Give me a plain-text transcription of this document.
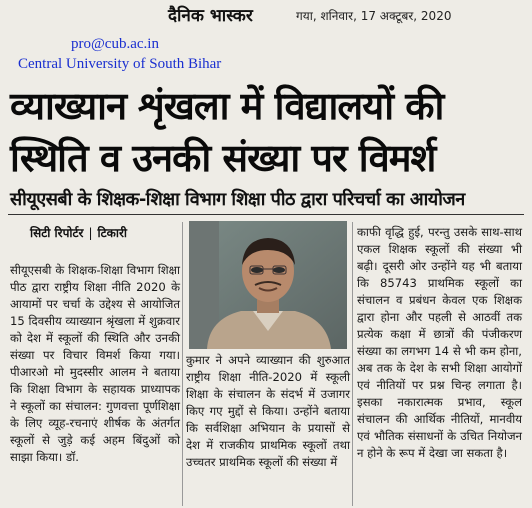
दैनिक भास्कर	गया, शनिवार, 17 अक्टूबर, 2020
pro@cub.ac.in
Central University of South Bihar
व्याख्यान शृंखला में विद्यालयों की
स्थिति व उनकी संख्या पर विमर्श
सीयूएसबी के शिक्षक-शिक्षा विभाग शिक्षा पीठ द्वारा परिचर्चा का आयोजन
सिटी रिपोर्टर | टिकारी
सीयूएसबी के शिक्षक-शिक्षा विभाग शिक्षा पीठ द्वारा राष्ट्रीय शिक्षा नीति 2020 के आयामों पर चर्चा के उद्देश्य से आयोजित 15 दिवसीय व्याख्यान श्रृंखला में शुक्रवार को देश में स्कूलों की स्थिति और उनकी संख्या पर विचार विमर्श किया गया। पीआरओ मो मुदस्सीर आलम ने बताया कि शिक्षा विभाग के सहायक प्राध्यापक ने स्कूलों का संचालन: गुणवत्ता पूर्णशिक्षा के लिए व्यूह-रचनाएं शीर्षक के अंतर्गत स्कूलों से जुड़े कई अहम बिंदुओं को साझा किया। डॉ.
कुमार ने अपने व्याख्यान की शुरुआत राष्ट्रीय शिक्षा नीति-2020 में स्कूली शिक्षा के संचालन के संदर्भ में उजागर किए गए मुद्दों से किया। उन्होंने बताया कि सर्वशिक्षा अभियान के प्रयासों से देश में राजकीय प्राथमिक स्कूलों तथा उच्चतर प्राथमिक स्कूलों की संख्या में
काफी वृद्धि हुई, परन्तु उसके साथ-साथ एकल शिक्षक स्कूलों की संख्या भी बढ़ी। दूसरी ओर उन्होंने यह भी बताया कि 85743 प्राथमिक स्कूलों का संचालन व प्रबंधन केवल एक शिक्षक द्वारा होना और पहली से आठवीं तक प्रत्येक कक्षा में छात्रों की पंजीकरण संख्या का लगभग 14 से भी कम होना, अब तक के देश के सभी शिक्षा आयोगों एवं नीतियों पर प्रश्न चिन्ह लगाता है। इसका नकारात्मक प्रभाव, स्कूल संचालन की आर्थिक नीतियों, मानवीय एवं भौतिक संसाधनों के उचित नियोजन न होने के रूप में देखा जा सकता है।
